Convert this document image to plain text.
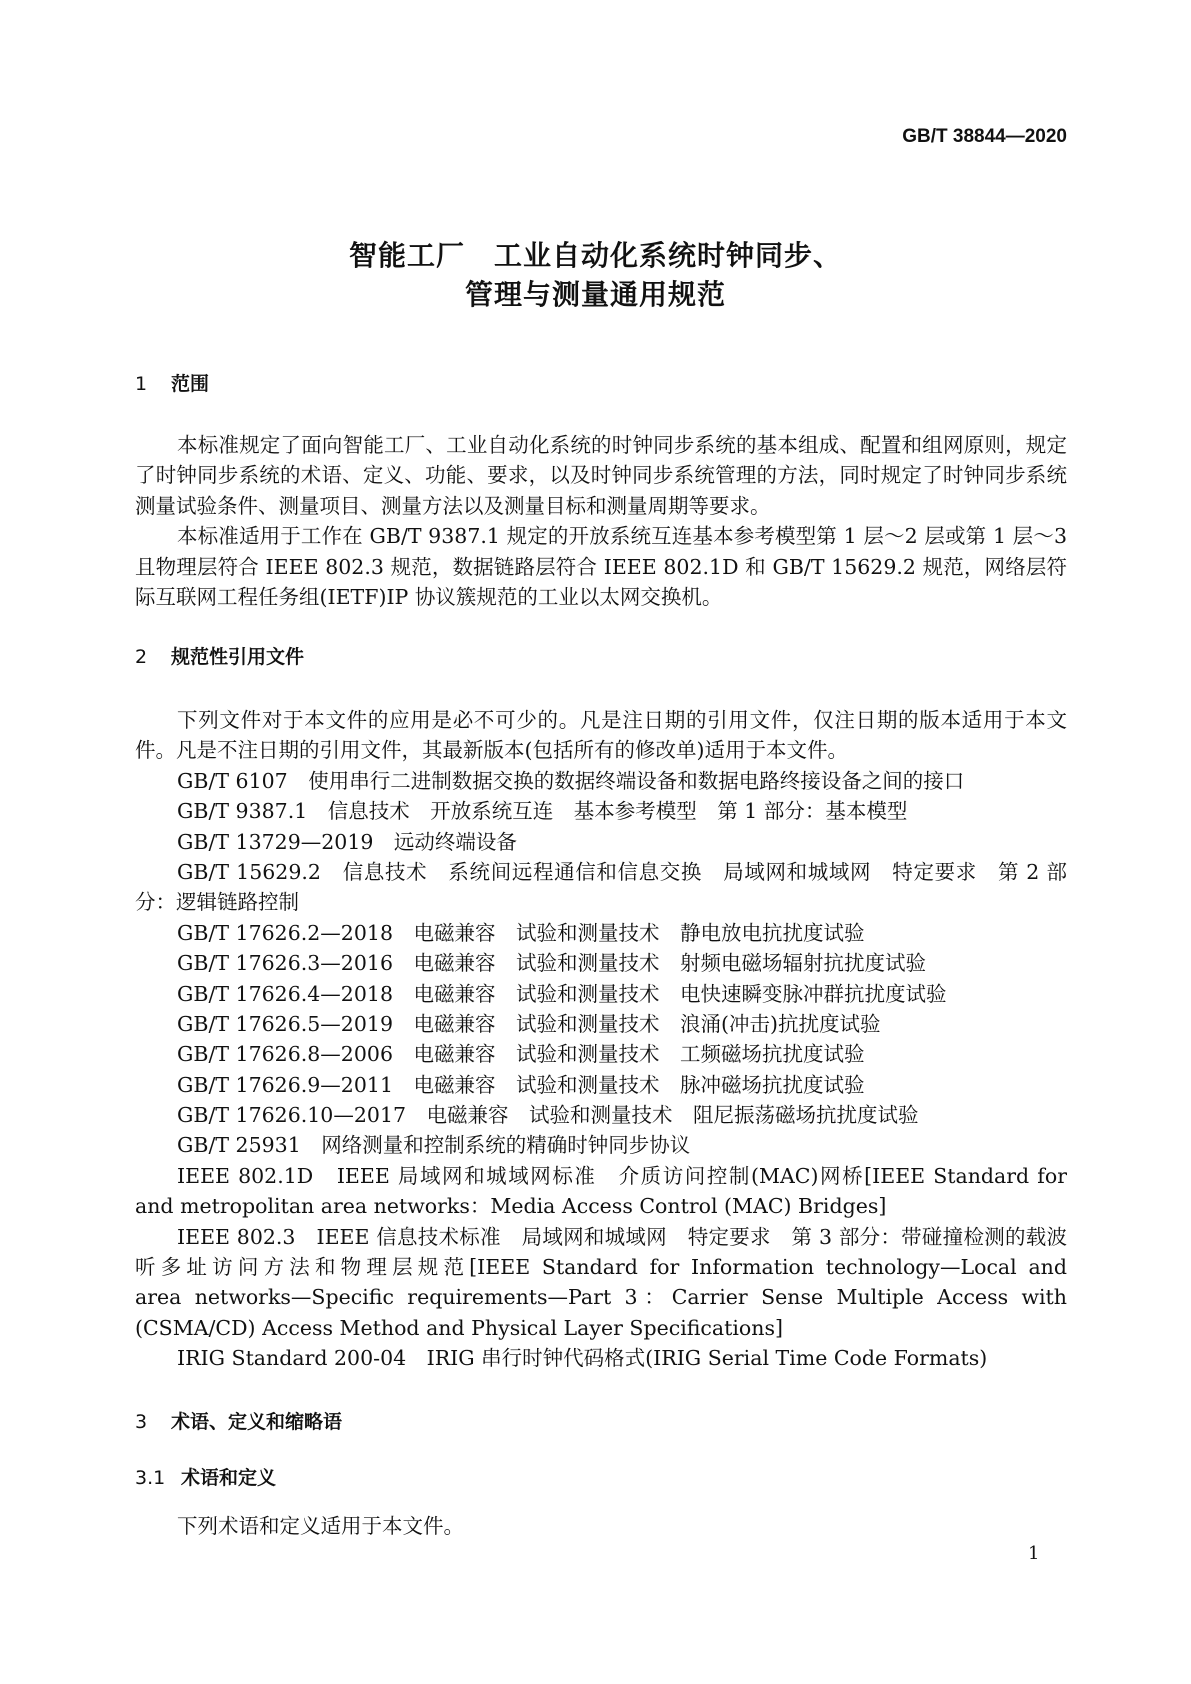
GB/T 38844—2020
智能工厂　工业自动化系统时钟同步、
管理与测量通用规范
1 范围
本标准规定了面向智能工厂、工业自动化系统的时钟同步系统的基本组成、配置和组网原则，规定
了时钟同步系统的术语、定义、功能、要求，以及时钟同步系统管理的方法，同时规定了时钟同步系统
测量试验条件、测量项目、测量方法以及测量目标和测量周期等要求。
本标准适用于工作在 GB/T 9387.1 规定的开放系统互连基本参考模型第 1 层～2 层或第 1 层～3
且物理层符合 IEEE 802.3 规范，数据链路层符合 IEEE 802.1D 和 GB/T 15629.2 规范，网络层符
际互联网工程任务组(IETF)IP 协议簇规范的工业以太网交换机。
2 规范性引用文件
下列文件对于本文件的应用是必不可少的。凡是注日期的引用文件，仅注日期的版本适用于本文
件。凡是不注日期的引用文件，其最新版本(包括所有的修改单)适用于本文件。
GB/T 6107　使用串行二进制数据交换的数据终端设备和数据电路终接设备之间的接口
GB/T 9387.1　信息技术　开放系统互连　基本参考模型　第 1 部分：基本模型
GB/T 13729—2019　远动终端设备
GB/T 15629.2　信息技术　系统间远程通信和信息交换　局域网和城域网　特定要求　第 2 部
分：逻辑链路控制
GB/T 17626.2—2018　电磁兼容　试验和测量技术　静电放电抗扰度试验
GB/T 17626.3—2016　电磁兼容　试验和测量技术　射频电磁场辐射抗扰度试验
GB/T 17626.4—2018　电磁兼容　试验和测量技术　电快速瞬变脉冲群抗扰度试验
GB/T 17626.5—2019　电磁兼容　试验和测量技术　浪涌(冲击)抗扰度试验
GB/T 17626.8—2006　电磁兼容　试验和测量技术　工频磁场抗扰度试验
GB/T 17626.9—2011　电磁兼容　试验和测量技术　脉冲磁场抗扰度试验
GB/T 17626.10—2017　电磁兼容　试验和测量技术　阻尼振荡磁场抗扰度试验
GB/T 25931　网络测量和控制系统的精确时钟同步协议
IEEE 802.1D　IEEE 局域网和城域网标准　介质访问控制(MAC)网桥[IEEE Standard for
and metropolitan area networks：Media Access Control (MAC) Bridges]
IEEE 802.3　IEEE 信息技术标准　局域网和城域网　特定要求　第 3 部分：带碰撞检测的载波
听多址访问方法和物理层规范[IEEE Standard for Information technology—Local and
area networks—Specific requirements—Part 3：Carrier Sense Multiple Access with
(CSMA/CD) Access Method and Physical Layer Specifications]
IRIG Standard 200-04　IRIG 串行时钟代码格式(IRIG Serial Time Code Formats)
3 术语、定义和缩略语
3.1 术语和定义
下列术语和定义适用于本文件。
1
